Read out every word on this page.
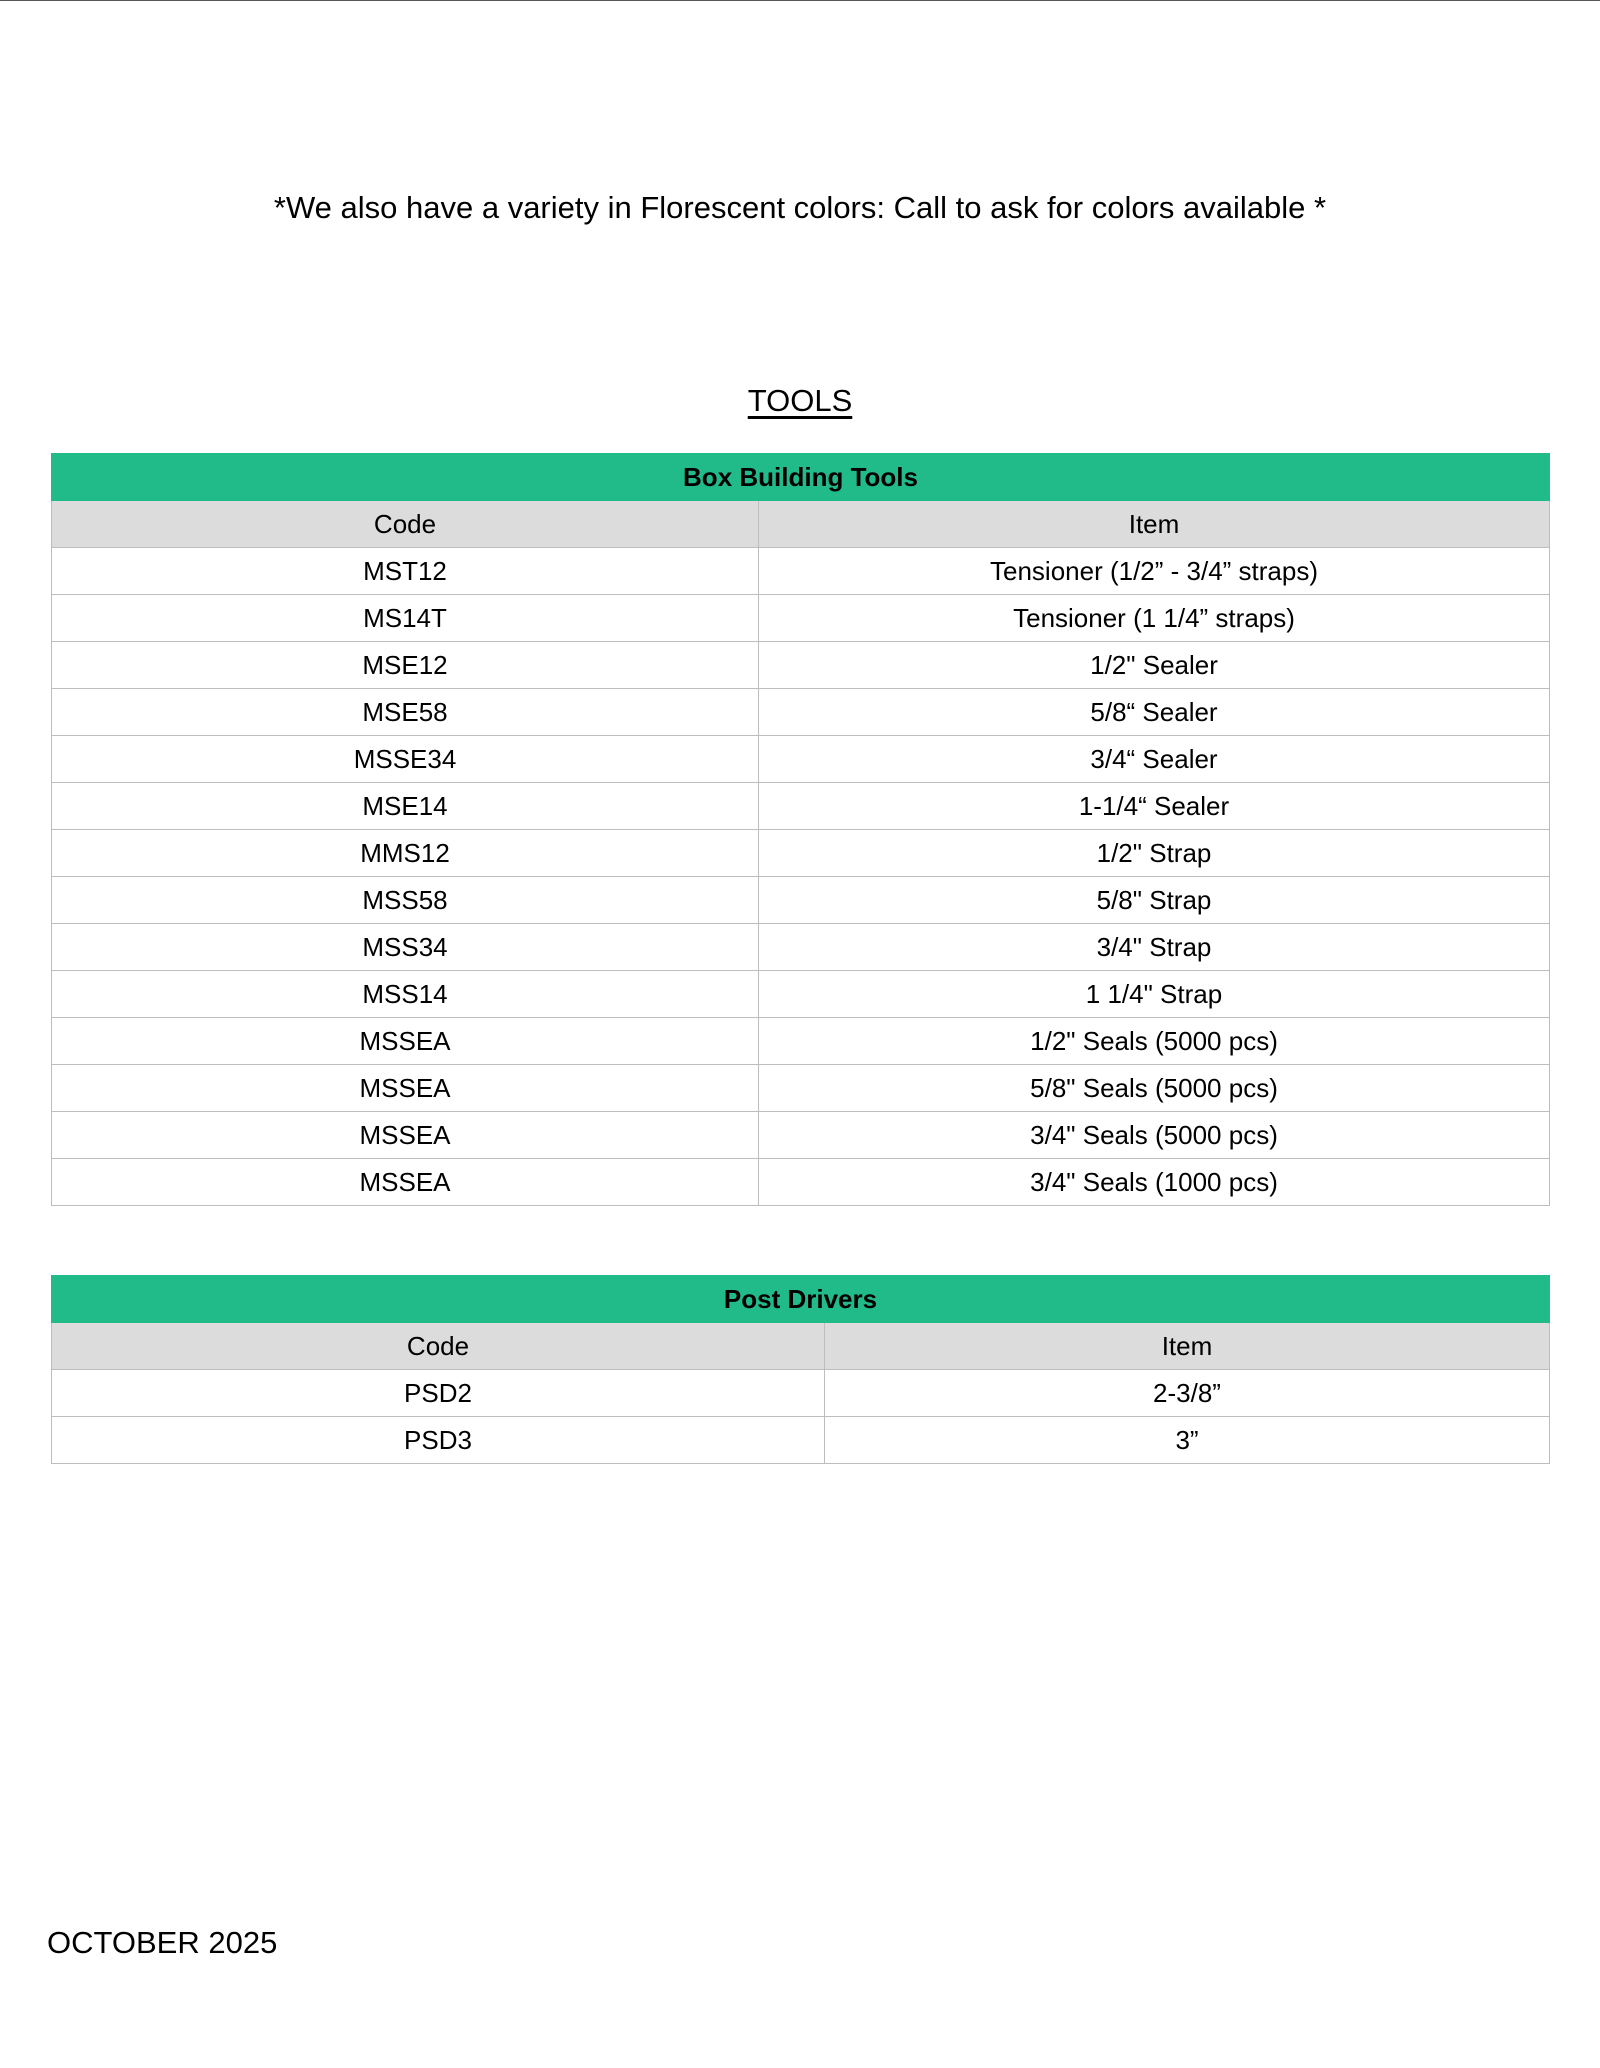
*We also have a variety in Florescent colors: Call to ask for colors available *
TOOLS
Box Building Tools	
Code	Item
MST12	Tensioner (1/2” - 3/4” straps)
MS14T	Tensioner (1 1/4” straps)
MSE12	1/2" Sealer
MSE58	5/8“ Sealer
MSSE34	3/4“ Sealer
MSE14	1-1/4“ Sealer
MMS12	1/2" Strap
MSS58	5/8" Strap
MSS34	3/4" Strap
MSS14	1 1/4" Strap
MSSEA	1/2" Seals (5000 pcs)
MSSEA	5/8" Seals (5000 pcs)
MSSEA	3/4" Seals (5000 pcs)
MSSEA	3/4" Seals (1000 pcs)
Post Drivers	
Code	Item
PSD2	2-3/8”
PSD3	3”
OCTOBER 2025
